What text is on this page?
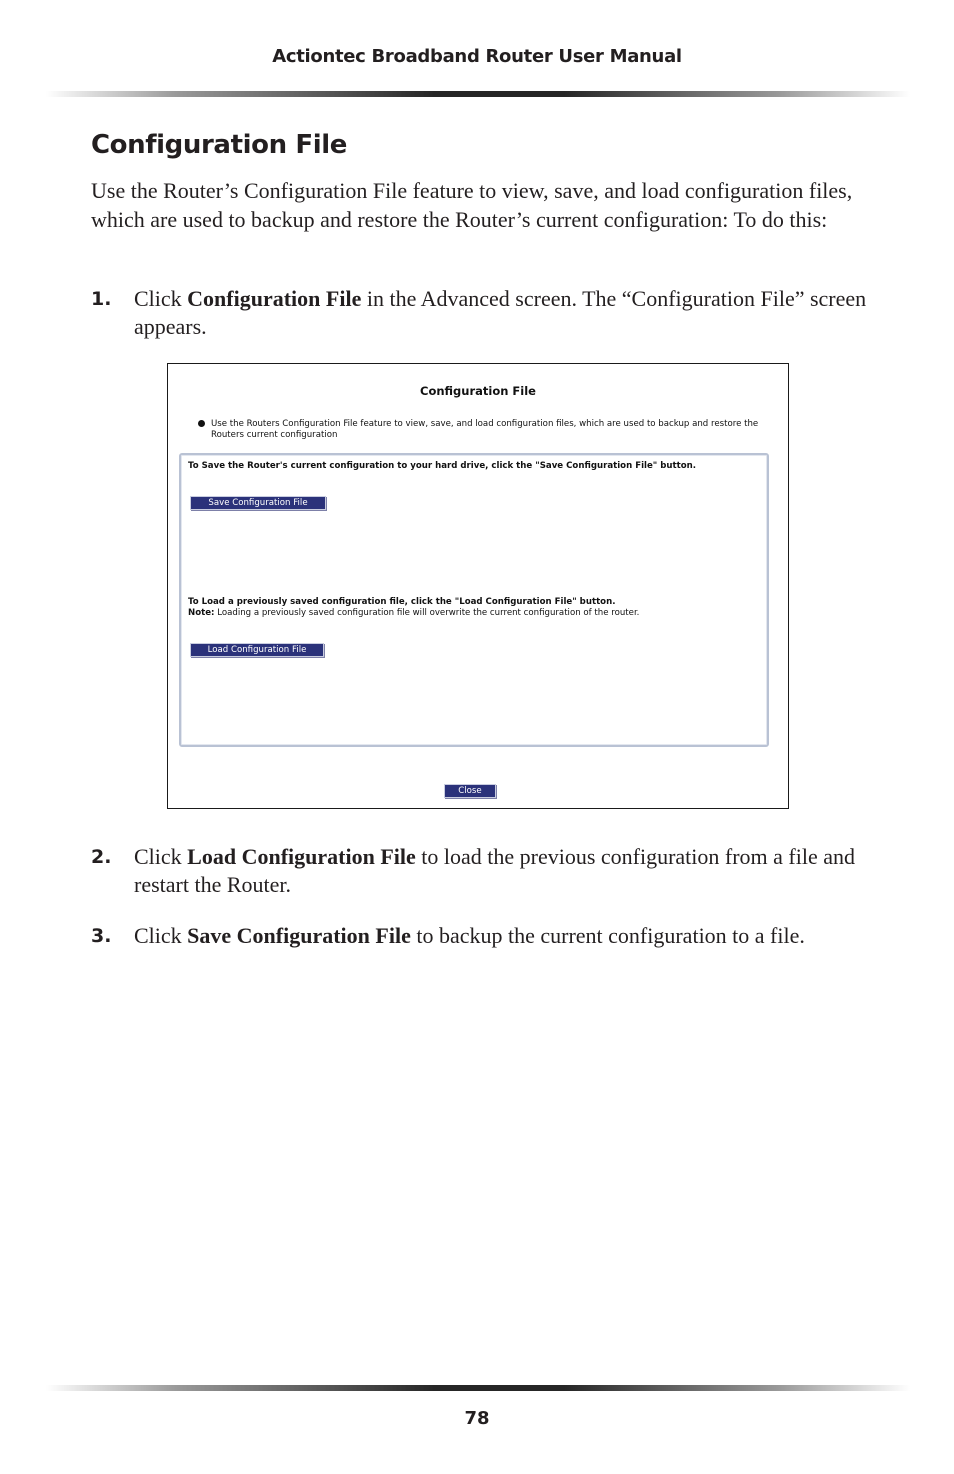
Actiontec Broadband Router User Manual
Configuration File

Use the Router’s Configuration File feature to view, save, and load configuration files, which are used to backup and restore the Router’s current configuration: To do this:

1. Click Configuration File in the Advanced screen. The “Configuration File” screen appears.
Configuration File
Use the Routers Configuration File feature to view, save, and load configuration files, which are used to backup and restore the Routers current configuration
To Save the Router's current configuration to your hard drive, click the "Save Configuration File" button.
Save Configuration File
To Load a previously saved configuration file, click the "Load Configuration File" button.
Note: Loading a previously saved configuration file will overwrite the current configuration of the router.
Load Configuration File
Close
2. Click Load Configuration File to load the previous configuration from a file and restart the Router.
3. Click Save Configuration File to backup the current configuration to a file.
78
